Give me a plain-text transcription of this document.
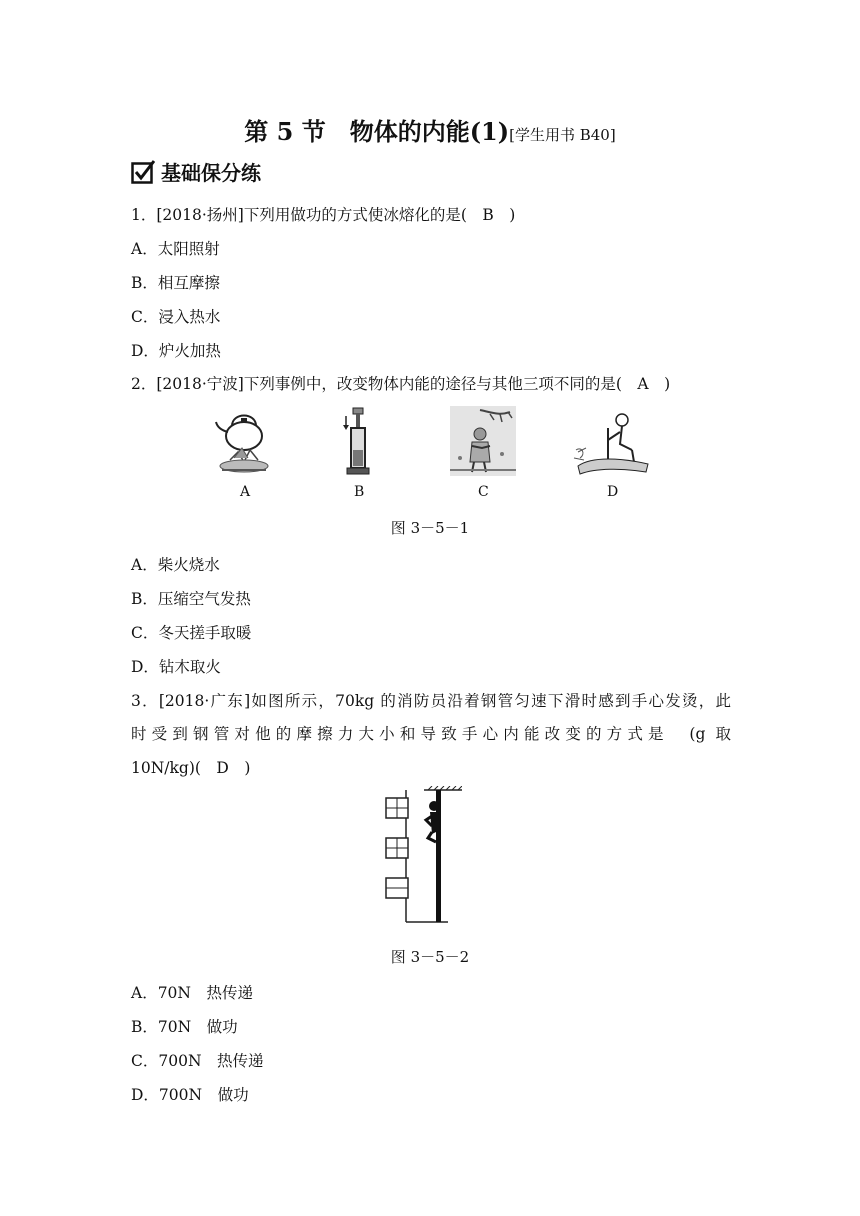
第 5 节　物体的内能(1)[学生用书 B40]
基础保分练
1．[2018·扬州]下列用做功的方式使冰熔化的是(　B　)
A．太阳照射
B．相互摩擦
C．浸入热水
D．炉火加热
2．[2018·宁波]下列事例中，改变物体内能的途径与其他三项不同的是(　A　)
A	B	C	D
图 3－5－1
A．柴火烧水
B．压缩空气发热
C．冬天搓手取暖
D．钻木取火
3．[2018·广东]如图所示，70kg 的消防员沿着钢管匀速下滑时感到手心发烫，此
时受到钢管对他的摩擦力大小和导致手心内能改变的方式是　(g 取
10N/kg)(　D　)
图 3－5－2
A．70N　热传递
B．70N　做功
C．700N　热传递
D．700N　做功
